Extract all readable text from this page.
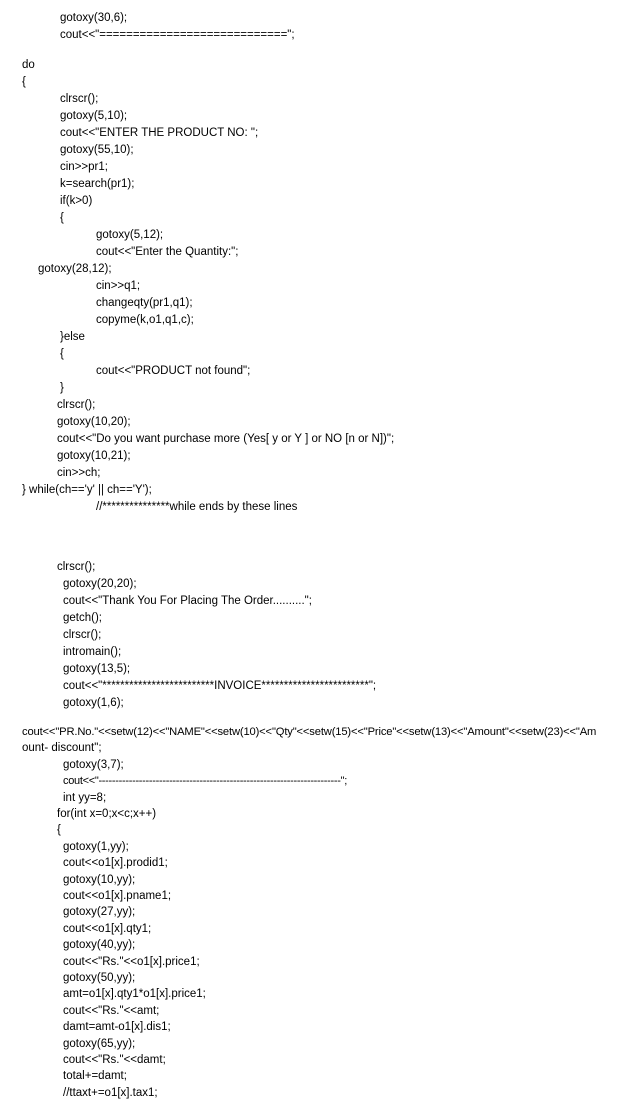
gotoxy(30,6);
cout<<"============================";
do
{
clrscr();
gotoxy(5,10);
cout<<"ENTER THE PRODUCT NO: ";
gotoxy(55,10);
cin>>pr1;
k=search(pr1);
if(k>0)
{
gotoxy(5,12);
cout<<"Enter the Quantity:";
gotoxy(28,12);
cin>>q1;
changeqty(pr1,q1);
copyme(k,o1,q1,c);
}else
{
cout<<"PRODUCT not found";
}
clrscr();
gotoxy(10,20);
cout<<"Do you want purchase more (Yes[ y or Y ] or NO [n or N])";
gotoxy(10,21);
cin>>ch;
} while(ch=='y' || ch=='Y');
//***************while ends by these lines
clrscr();
gotoxy(20,20);
cout<<"Thank You For Placing The Order..........";
getch();
clrscr();
intromain();
gotoxy(13,5);
cout<<"*************************INVOICE************************";
gotoxy(1,6);
cout<<"PR.No."<<setw(12)<<"NAME"<<setw(10)<<"Qty"<<setw(15)<<"Price"<<setw(13)<<"Amount"<<setw(23)<<"Am
ount- discount";
gotoxy(3,7);
cout<<"------------------------------------------------------------------------";
int yy=8;
for(int x=0;x<c;x++)
{
gotoxy(1,yy);
cout<<o1[x].prodid1;
gotoxy(10,yy);
cout<<o1[x].pname1;
gotoxy(27,yy);
cout<<o1[x].qty1;
gotoxy(40,yy);
cout<<"Rs."<<o1[x].price1;
gotoxy(50,yy);
amt=o1[x].qty1*o1[x].price1;
cout<<"Rs."<<amt;
damt=amt-o1[x].dis1;
gotoxy(65,yy);
cout<<"Rs."<<damt;
total+=damt;
//ttaxt+=o1[x].tax1;
